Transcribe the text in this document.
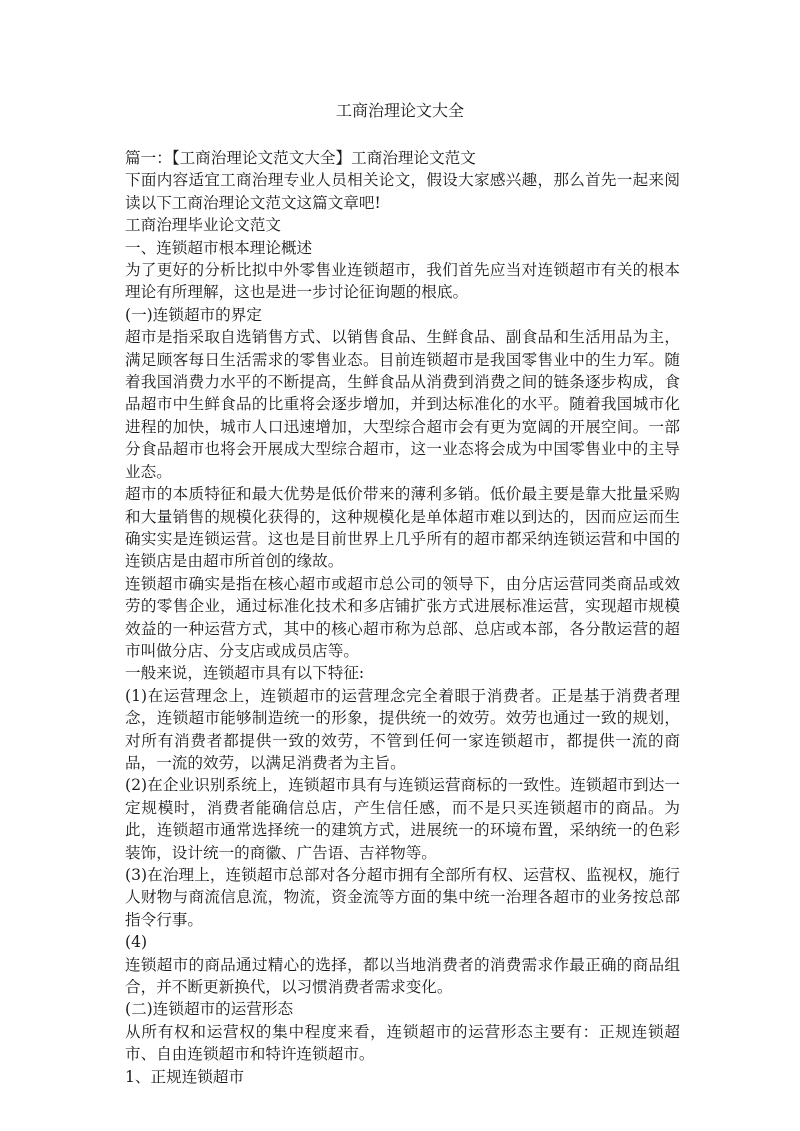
工商治理论文大全

篇一：【工商治理论文范文大全】工商治理论文范文

下面内容适宜工商治理专业人员相关论文，假设大家感兴趣，那么首先一起来阅读以下工商治理论文范文这篇文章吧!

工商治理毕业论文范文

一、连锁超市根本理论概述

为了更好的分析比拟中外零售业连锁超市，我们首先应当对连锁超市有关的根本理论有所理解，这也是进一步讨论征询题的根底。

(一)连锁超市的界定

超市是指采取自选销售方式、以销售食品、生鲜食品、副食品和生活用品为主，满足顾客每日生活需求的零售业态。目前连锁超市是我国零售业中的生力军。随着我国消费力水平的不断提高，生鲜食品从消费到消费之间的链条逐步构成，食品超市中生鲜食品的比重将会逐步增加，并到达标准化的水平。随着我国城市化进程的加快，城市人口迅速增加，大型综合超市会有更为宽阔的开展空间。一部分食品超市也将会开展成大型综合超市，这一业态将会成为中国零售业中的主导业态。

超市的本质特征和最大优势是低价带来的薄利多销。低价最主要是靠大批量采购和大量销售的规模化获得的，这种规模化是单体超市难以到达的，因而应运而生确实实是连锁运营。这也是目前世界上几乎所有的超市都采纳连锁运营和中国的连锁店是由超市所首创的缘故。

连锁超市确实是指在核心超市或超市总公司的领导下，由分店运营同类商品或效劳的零售企业，通过标准化技术和多店铺扩张方式进展标准运营，实现超市规模效益的一种运营方式，其中的核心超市称为总部、总店或本部，各分散运营的超市叫做分店、分支店或成员店等。

一般来说，连锁超市具有以下特征:

(1)在运营理念上，连锁超市的运营理念完全着眼于消费者。正是基于消费者理念，连锁超市能够制造统一的形象，提供统一的效劳。效劳也通过一致的规划，对所有消费者都提供一致的效劳，不管到任何一家连锁超市，都提供一流的商品，一流的效劳，以满足消费者为主旨。

(2)在企业识别系统上，连锁超市具有与连锁运营商标的一致性。连锁超市到达一定规模时，消费者能确信总店，产生信任感，而不是只买连锁超市的商品。为此，连锁超市通常选择统一的建筑方式，进展统一的环境布置，采纳统一的色彩装饰，设计统一的商徽、广告语、吉祥物等。

(3)在治理上，连锁超市总部对各分超市拥有全部所有权、运营权、监视权，施行人财物与商流信息流，物流，资金流等方面的集中统一治理各超市的业务按总部指令行事。

(4)

连锁超市的商品通过精心的选择，都以当地消费者的消费需求作最正确的商品组合，并不断更新换代，以习惯消费者需求变化。

(二)连锁超市的运营形态

从所有权和运营权的集中程度来看，连锁超市的运营形态主要有：正规连锁超市、自由连锁超市和特许连锁超市。

1、正规连锁超市
